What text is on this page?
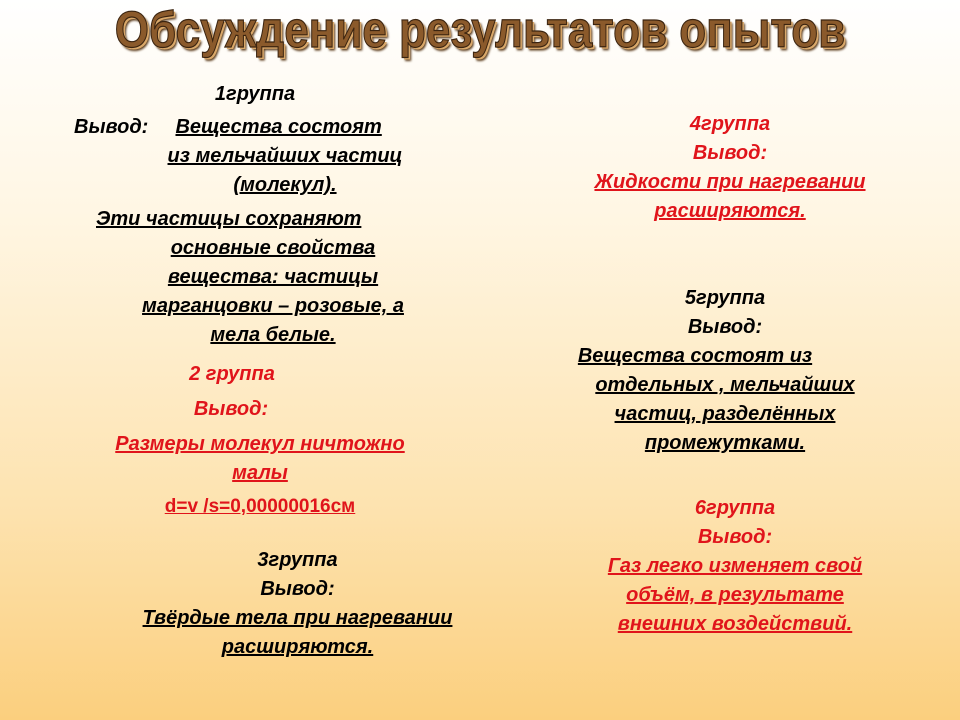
Обсуждение результатов опытов

1группа

Вывод: Вещества состоят

из мельчайших частиц

(молекул).

Эти частицы сохраняют

основные свойства

вещества: частицы

марганцовки – розовые, а

мела белые.

2 группа

Вывод:

Размеры молекул ничтожно

малы

d=v /s=0,00000016см

3группа

Вывод:

Твёрдые тела при нагревании

расширяются.

4группа

Вывод:

Жидкости при нагревании

расширяются.

5группа

Вывод:

Вещества состоят из

отдельных , мельчайших

частиц, разделённых

промежутками.

6группа

Вывод:

Газ легко изменяет свой

объём, в результате

внешних воздействий.
